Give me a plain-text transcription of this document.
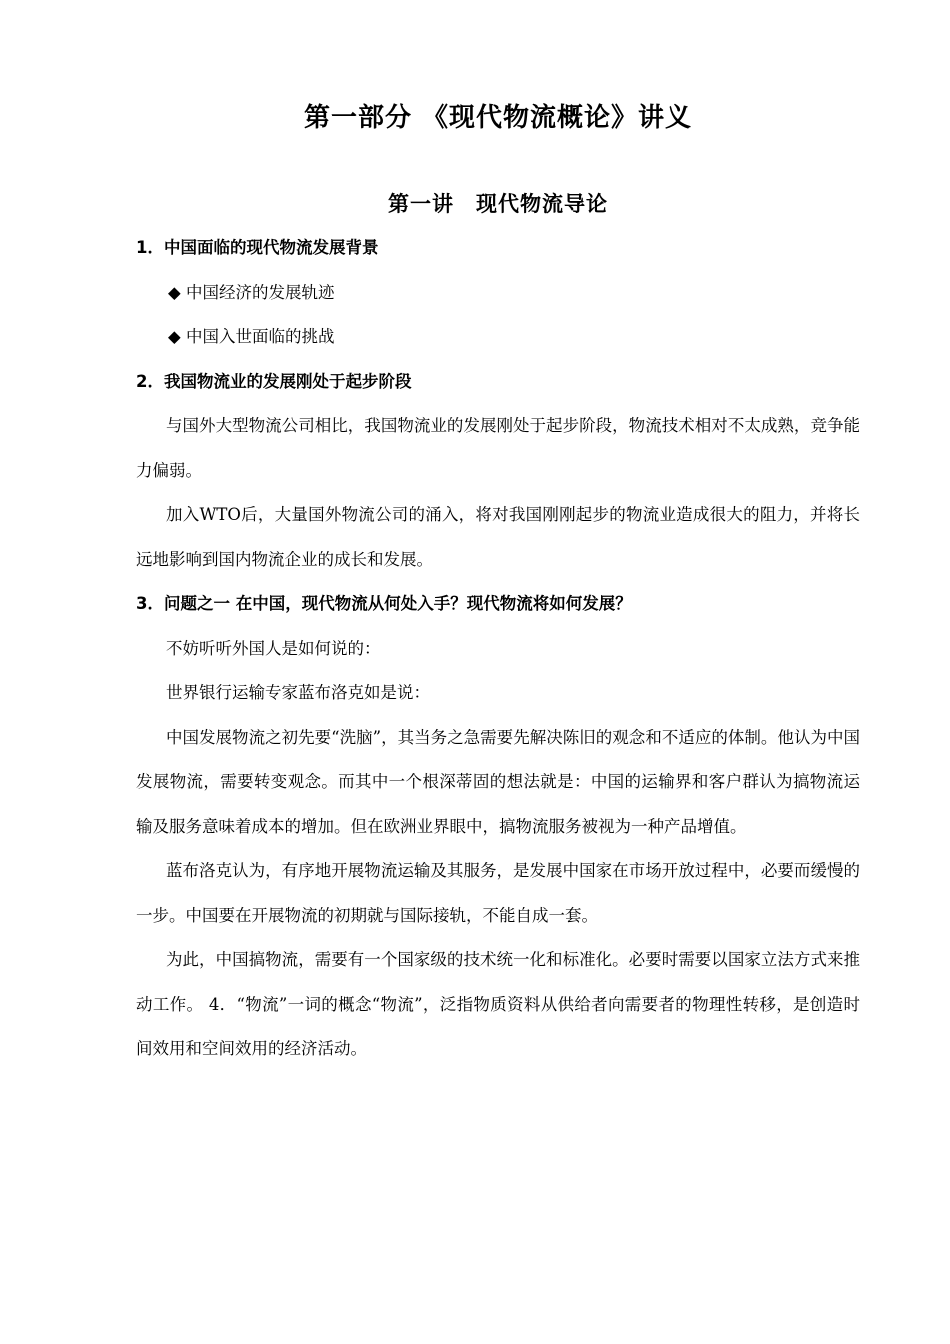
第一部分 《现代物流概论》讲义
第一讲　现代物流导论
1．中国面临的现代物流发展背景

◆ 中国经济的发展轨迹

◆ 中国入世面临的挑战

2．我国物流业的发展刚处于起步阶段

与国外大型物流公司相比，我国物流业的发展刚处于起步阶段，物流技术相对不太成熟，竞争能力偏弱。

加入WTO后，大量国外物流公司的涌入，将对我国刚刚起步的物流业造成很大的阻力，并将长远地影响到国内物流企业的成长和发展。

3．问题之一 在中国，现代物流从何处入手？现代物流将如何发展？

不妨听听外国人是如何说的：

世界银行运输专家蓝布洛克如是说：

中国发展物流之初先要“洗脑”，其当务之急需要先解决陈旧的观念和不适应的体制。他认为中国发展物流，需要转变观念。而其中一个根深蒂固的想法就是：中国的运输界和客户群认为搞物流运输及服务意味着成本的增加。但在欧洲业界眼中，搞物流服务被视为一种产品增值。

蓝布洛克认为，有序地开展物流运输及其服务，是发展中国家在市场开放过程中，必要而缓慢的一步。中国要在开展物流的初期就与国际接轨，不能自成一套。

为此，中国搞物流，需要有一个国家级的技术统一化和标准化。必要时需要以国家立法方式来推动工作。 4．“物流”一词的概念“物流”，泛指物质资料从供给者向需要者的物理性转移，是创造时间效用和空间效用的经济活动。
